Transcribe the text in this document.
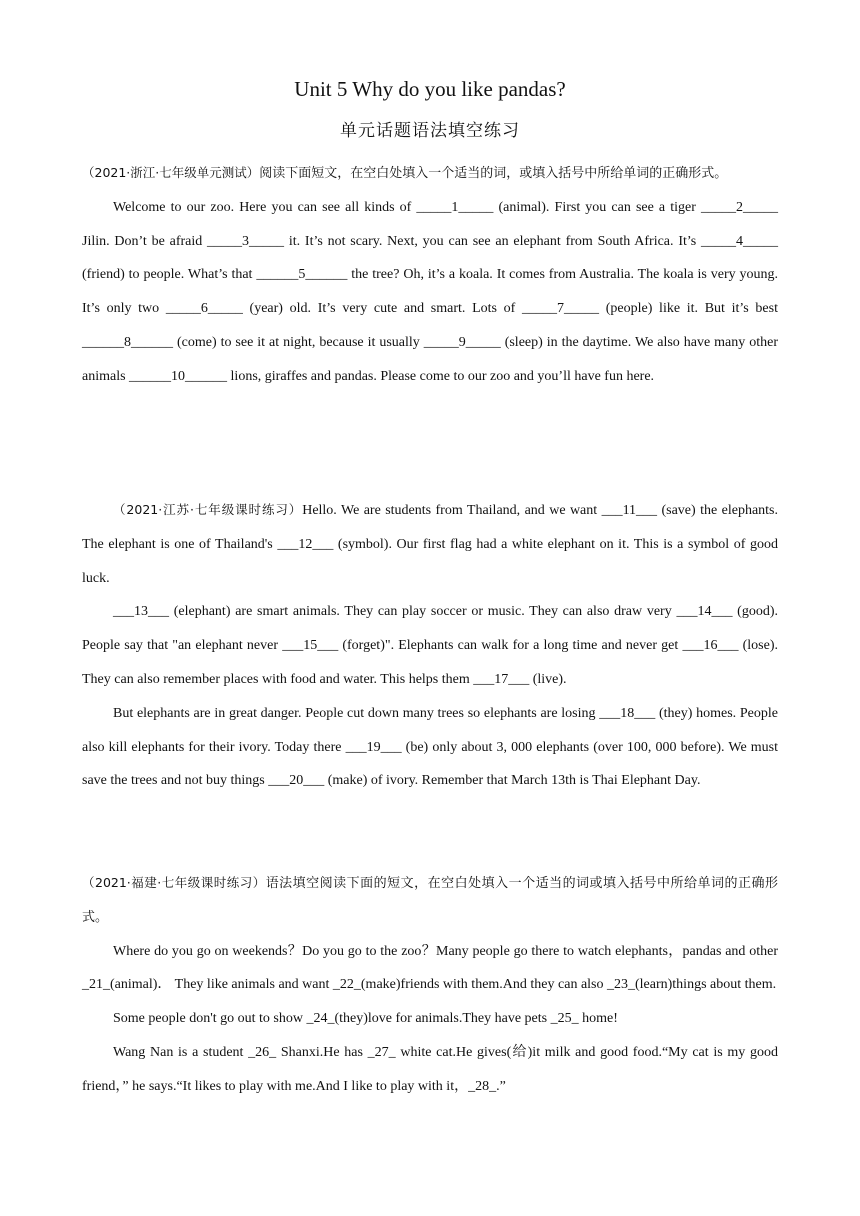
Unit 5 Why do you like pandas?
单元话题语法填空练习

（2021·浙江·七年级单元测试）阅读下面短文，在空白处填入一个适当的词，或填入括号中所给单词的正确形式。

Welcome to our zoo. Here you can see all kinds of _____1_____ (animal). First you can see a tiger _____2_____ Jilin. Don’t be afraid _____3_____ it. It’s not scary. Next, you can see an elephant from South Africa. It’s _____4_____ (friend) to people. What’s that ______5______ the tree? Oh, it’s a koala. It comes from Australia. The koala is very young. It’s only two _____6_____ (year) old. It’s very cute and smart. Lots of _____7_____ (people) like it. But it’s best ______8______ (come) to see it at night, because it usually _____9_____ (sleep) in the daytime. We also have many other animals ______10______ lions, giraffes and pandas. Please come to our zoo and you’ll have fun here.

（2021·江苏·七年级课时练习）Hello. We are students from Thailand, and we want ___11___ (save) the elephants. The elephant is one of Thailand's ___12___ (symbol). Our first flag had a white elephant on it. This is a symbol of good luck.

___13___ (elephant) are smart animals. They can play soccer or music. They can also draw very ___14___ (good). People say that "an elephant never ___15___ (forget)". Elephants can walk for a long time and never get ___16___ (lose). They can also remember places with food and water. This helps them ___17___ (live).

But elephants are in great danger. People cut down many trees so elephants are losing ___18___ (they) homes. People also kill elephants for their ivory. Today there ___19___ (be) only about 3, 000 elephants (over 100, 000 before). We must save the trees and not buy things ___20___ (make) of ivory. Remember that March 13th is Thai Elephant Day.

（2021·福建·七年级课时练习）语法填空阅读下面的短文，在空白处填入一个适当的词或填入括号中所给单词的正确形式。

Where do you go on weekends？Do you go to the zoo？Many people go there to watch elephants，pandas and other _21_(animal)． They like animals and want _22_(make)friends with them.And they can also _23_(learn)things about them.

Some people don't go out to show _24_(they)love for animals.They have pets _25_ home!

Wang Nan is a student _26_ Shanxi.He has _27_ white cat.He gives(给)it milk and good food.“My cat is my good friend，” he says.“It likes to play with me.And I like to play with it，_28_.”
